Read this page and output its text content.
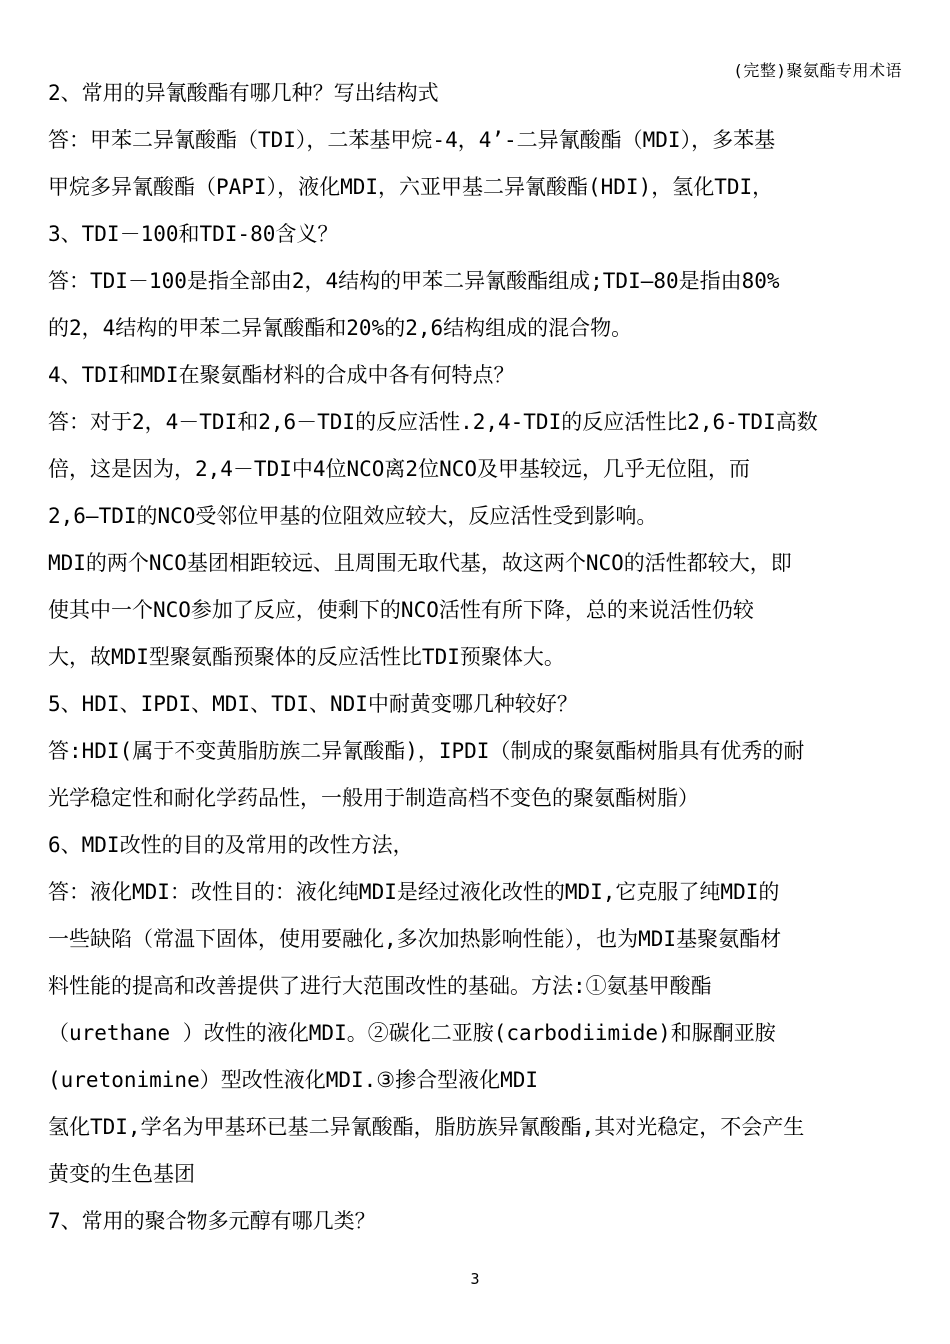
(完整)聚氨酯专用术语
2、常用的异氰酸酯有哪几种？写出结构式
答：甲苯二异氰酸酯（TDI），二苯基甲烷-4，4’-二异氰酸酯（MDI），多苯基
甲烷多异氰酸酯（PAPI），液化MDI，六亚甲基二异氰酸酯(HDI)，氢化TDI，
3、TDI－100和TDI-80含义？
答：TDI－100是指全部由2，4结构的甲苯二异氰酸酯组成;TDI—80是指由80%
的2，4结构的甲苯二异氰酸酯和20%的2,6结构组成的混合物。
4、TDI和MDI在聚氨酯材料的合成中各有何特点？
答：对于2，4－TDI和2,6－TDI的反应活性.2,4-TDI的反应活性比2,6-TDI高数
倍，这是因为，2,4－TDI中4位NCO离2位NCO及甲基较远，几乎无位阻，而
2,6—TDI的NCO受邻位甲基的位阻效应较大，反应活性受到影响。
MDI的两个NCO基团相距较远、且周围无取代基，故这两个NCO的活性都较大，即
使其中一个NCO参加了反应，使剩下的NCO活性有所下降，总的来说活性仍较
大，故MDI型聚氨酯预聚体的反应活性比TDI预聚体大。
5、HDI、IPDI、MDI、TDI、NDI中耐黄变哪几种较好？
答:HDI(属于不变黄脂肪族二异氰酸酯)，IPDI（制成的聚氨酯树脂具有优秀的耐
光学稳定性和耐化学药品性，一般用于制造高档不变色的聚氨酯树脂）
6、MDI改性的目的及常用的改性方法，
答：液化MDI：改性目的：液化纯MDI是经过液化改性的MDI,它克服了纯MDI的
一些缺陷（常温下固体，使用要融化,多次加热影响性能），也为MDI基聚氨酯材
料性能的提高和改善提供了进行大范围改性的基础。方法:①氨基甲酸酯
（urethane ）改性的液化MDI。②碳化二亚胺(carbodiimide)和脲酮亚胺
(uretonimine）型改性液化MDI.③掺合型液化MDI
氢化TDI,学名为甲基环已基二异氰酸酯，脂肪族异氰酸酯,其对光稳定，不会产生
黄变的生色基团
7、常用的聚合物多元醇有哪几类？
3
